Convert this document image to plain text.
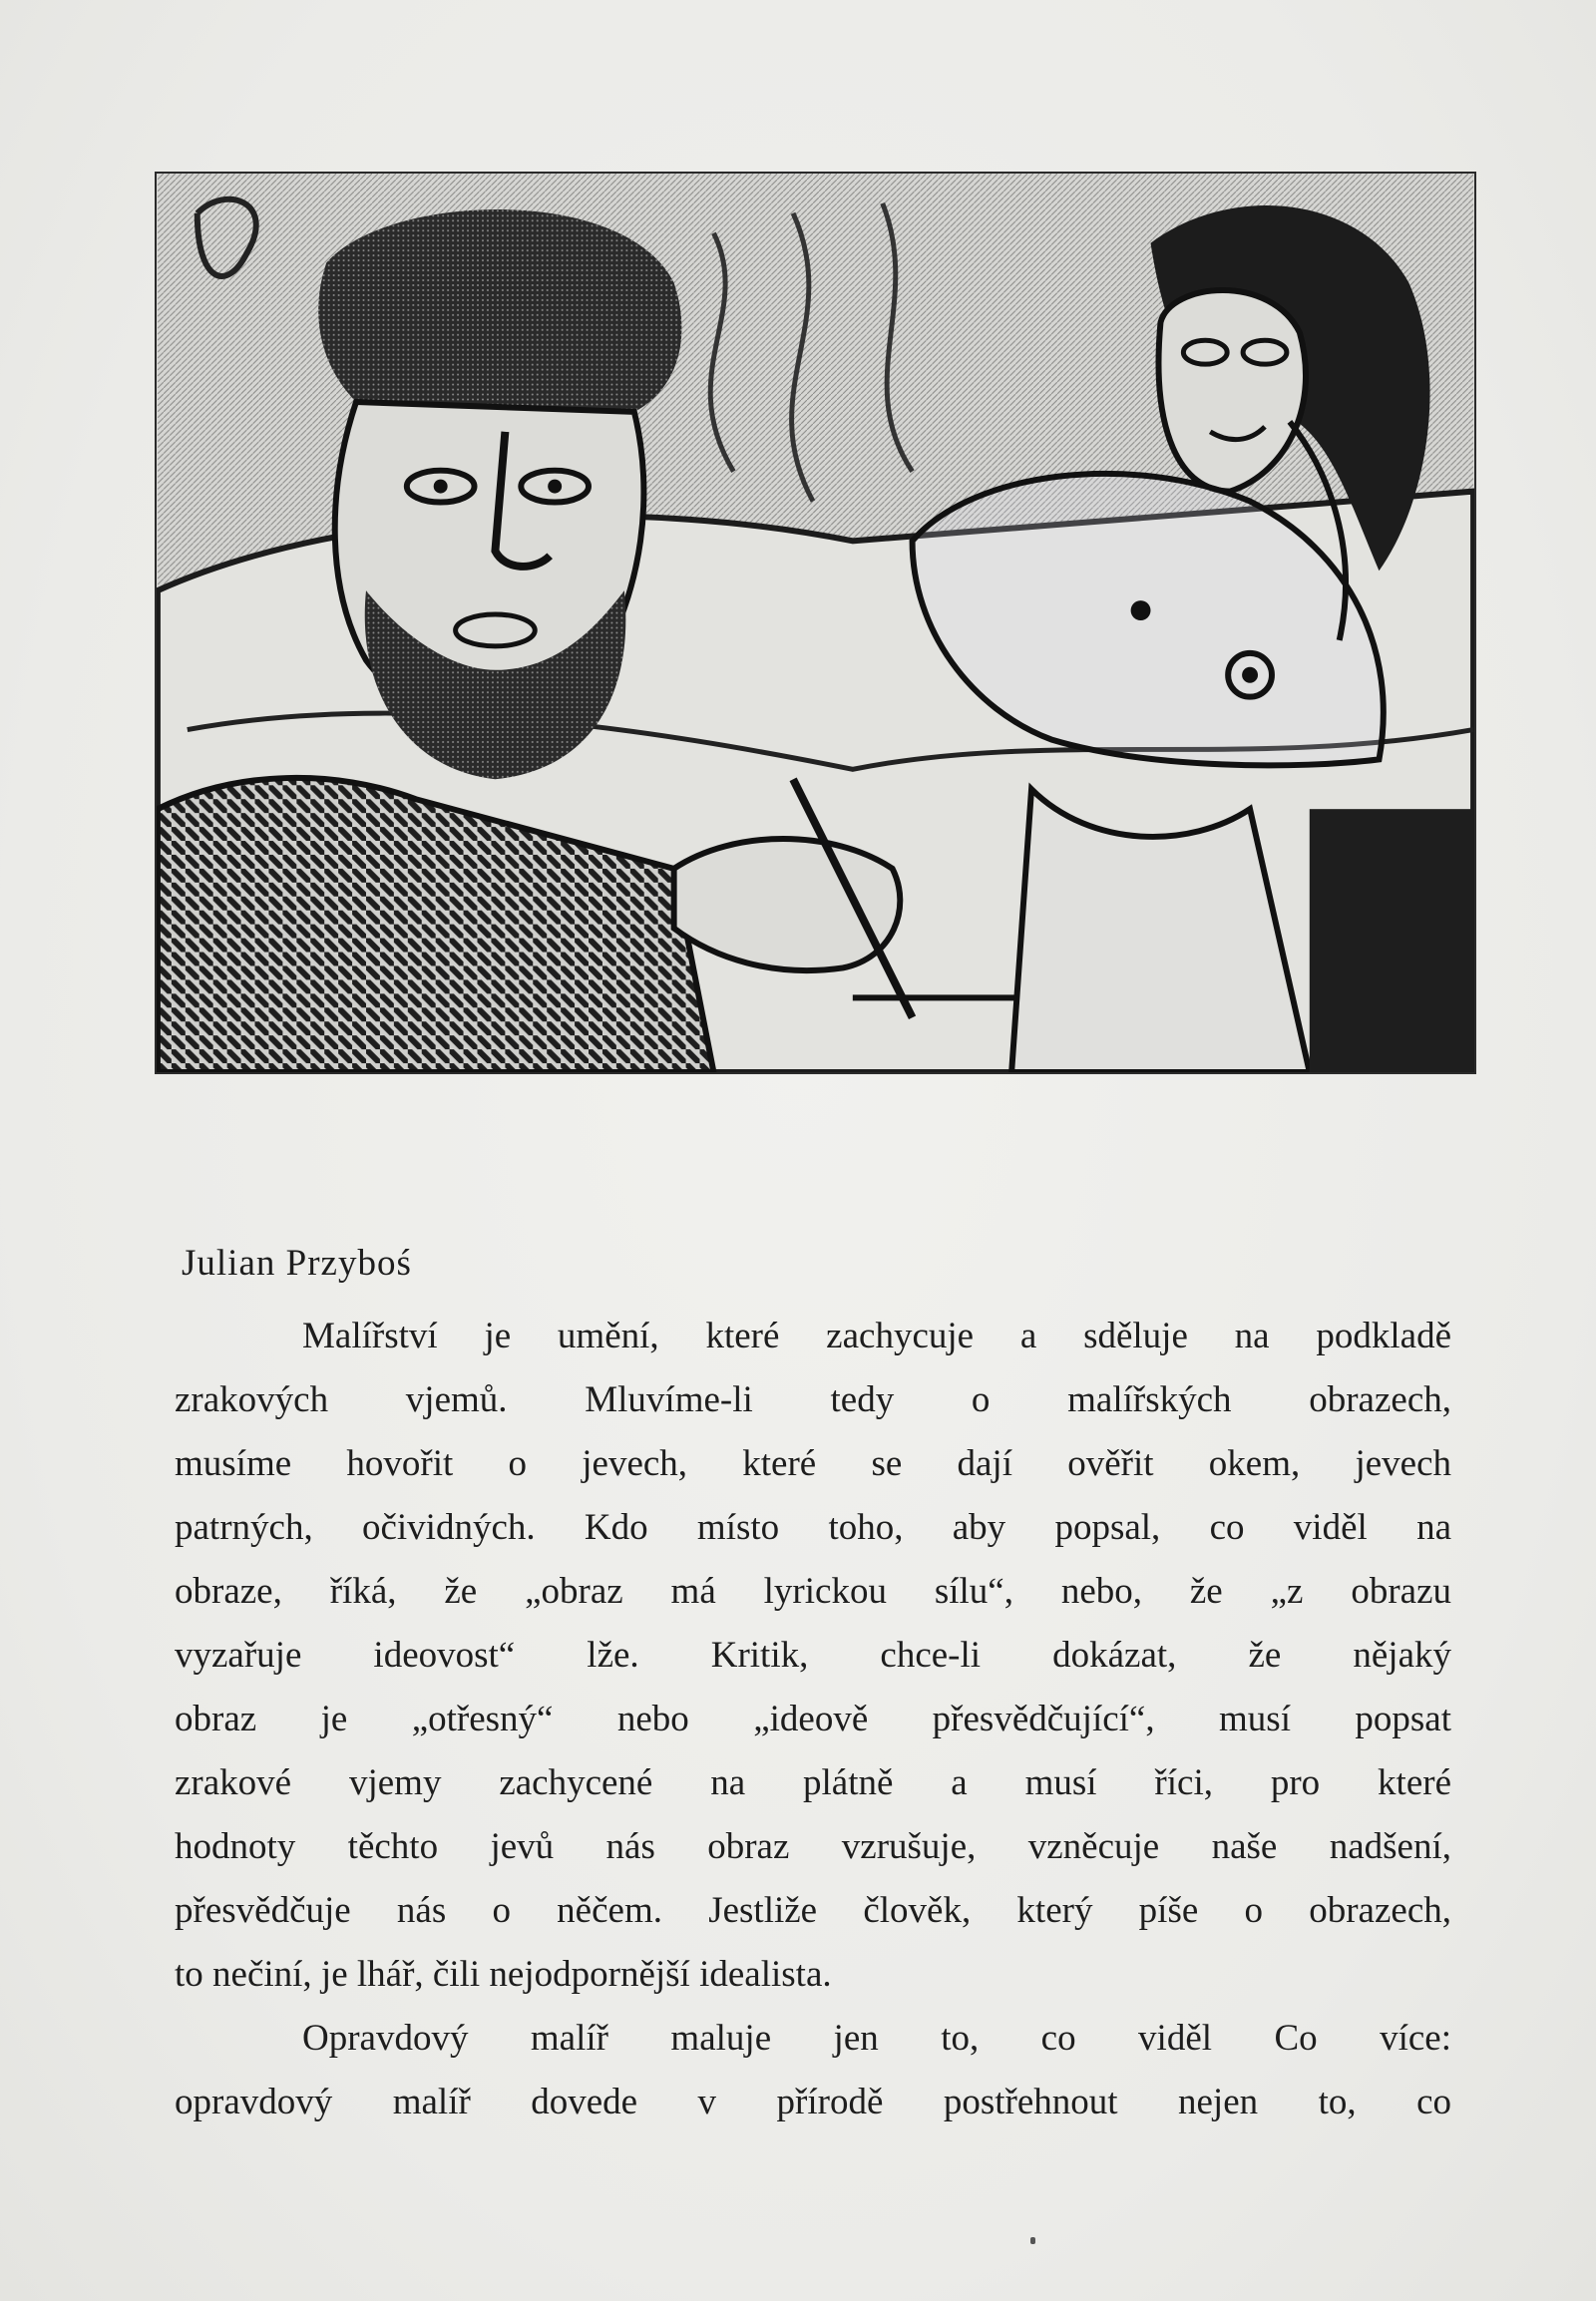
Julian Przyboś
Malířství je umění, které zachycuje a sděluje na podkladě
zrakových vjemů. Mluvíme-li tedy o malířských obrazech,
musíme hovořit o jevech, které se dají ověřit okem, jevech
patrných, očividných. Kdo místo toho, aby popsal, co viděl na
obraze, říká, že „obraz má lyrickou sílu“, nebo, že „z obrazu
vyzařuje ideovost“ lže. Kritik, chce-li dokázat, že nějaký
obraz je „otřesný“ nebo „ideově přesvědčující“, musí popsat
zrakové vjemy zachycené na plátně a musí říci, pro které
hodnoty těchto jevů nás obraz vzrušuje, vzněcuje naše nadšení,
přesvědčuje nás o něčem. Jestliže člověk, který píše o obrazech,
to nečiní, je lhář, čili nejodpornější idealista.
Opravdový malíř maluje jen to, co viděl Co více:
opravdový malíř dovede v přírodě postřehnout nejen to, co
